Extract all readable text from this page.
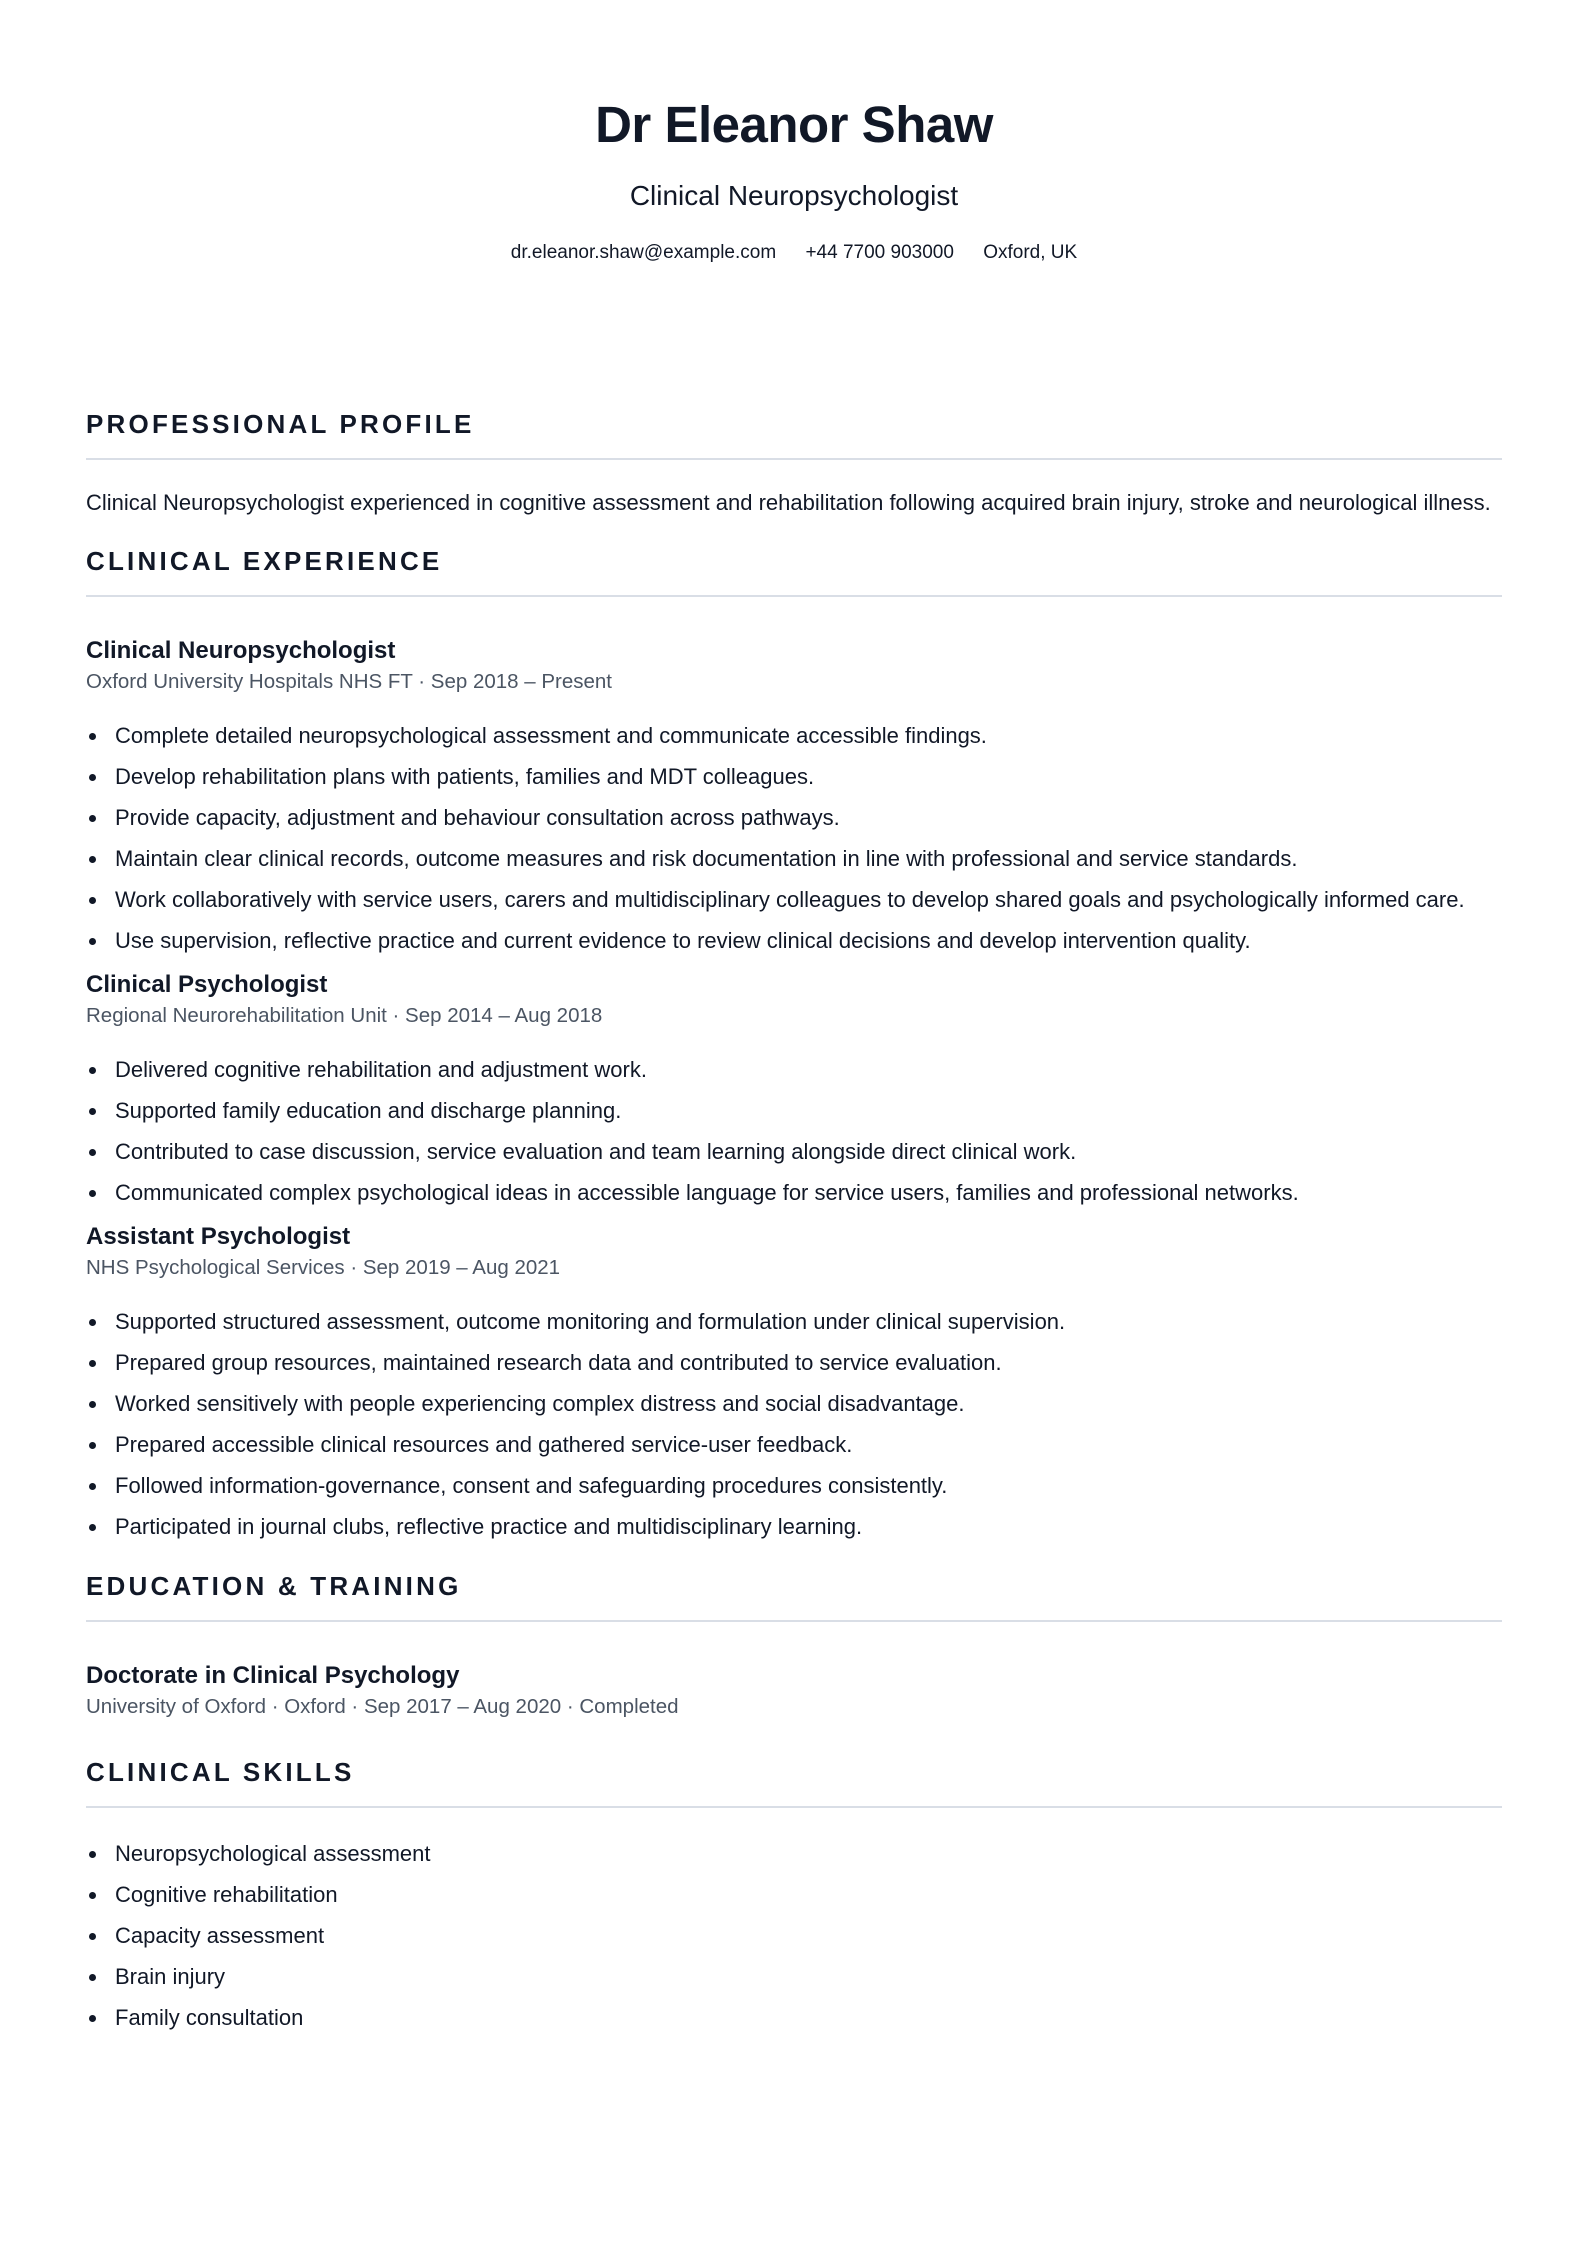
Dr Eleanor Shaw
Clinical Neuropsychologist
dr.eleanor.shaw@example.com +44 7700 903000 Oxford, UK
PROFESSIONAL PROFILE
Clinical Neuropsychologist experienced in cognitive assessment and rehabilitation following acquired brain injury, stroke and neurological illness.
CLINICAL EXPERIENCE
Clinical Neuropsychologist
Oxford University Hospitals NHS FT · Sep 2018 – Present
Complete detailed neuropsychological assessment and communicate accessible findings.
Develop rehabilitation plans with patients, families and MDT colleagues.
Provide capacity, adjustment and behaviour consultation across pathways.
Maintain clear clinical records, outcome measures and risk documentation in line with professional and service standards.
Work collaboratively with service users, carers and multidisciplinary colleagues to develop shared goals and psychologically informed care.
Use supervision, reflective practice and current evidence to review clinical decisions and develop intervention quality.
Clinical Psychologist
Regional Neurorehabilitation Unit · Sep 2014 – Aug 2018
Delivered cognitive rehabilitation and adjustment work.
Supported family education and discharge planning.
Contributed to case discussion, service evaluation and team learning alongside direct clinical work.
Communicated complex psychological ideas in accessible language for service users, families and professional networks.
Assistant Psychologist
NHS Psychological Services · Sep 2019 – Aug 2021
Supported structured assessment, outcome monitoring and formulation under clinical supervision.
Prepared group resources, maintained research data and contributed to service evaluation.
Worked sensitively with people experiencing complex distress and social disadvantage.
Prepared accessible clinical resources and gathered service-user feedback.
Followed information-governance, consent and safeguarding procedures consistently.
Participated in journal clubs, reflective practice and multidisciplinary learning.
EDUCATION & TRAINING
Doctorate in Clinical Psychology
University of Oxford · Oxford · Sep 2017 – Aug 2020 · Completed
CLINICAL SKILLS
Neuropsychological assessment
Cognitive rehabilitation
Capacity assessment
Brain injury
Family consultation
